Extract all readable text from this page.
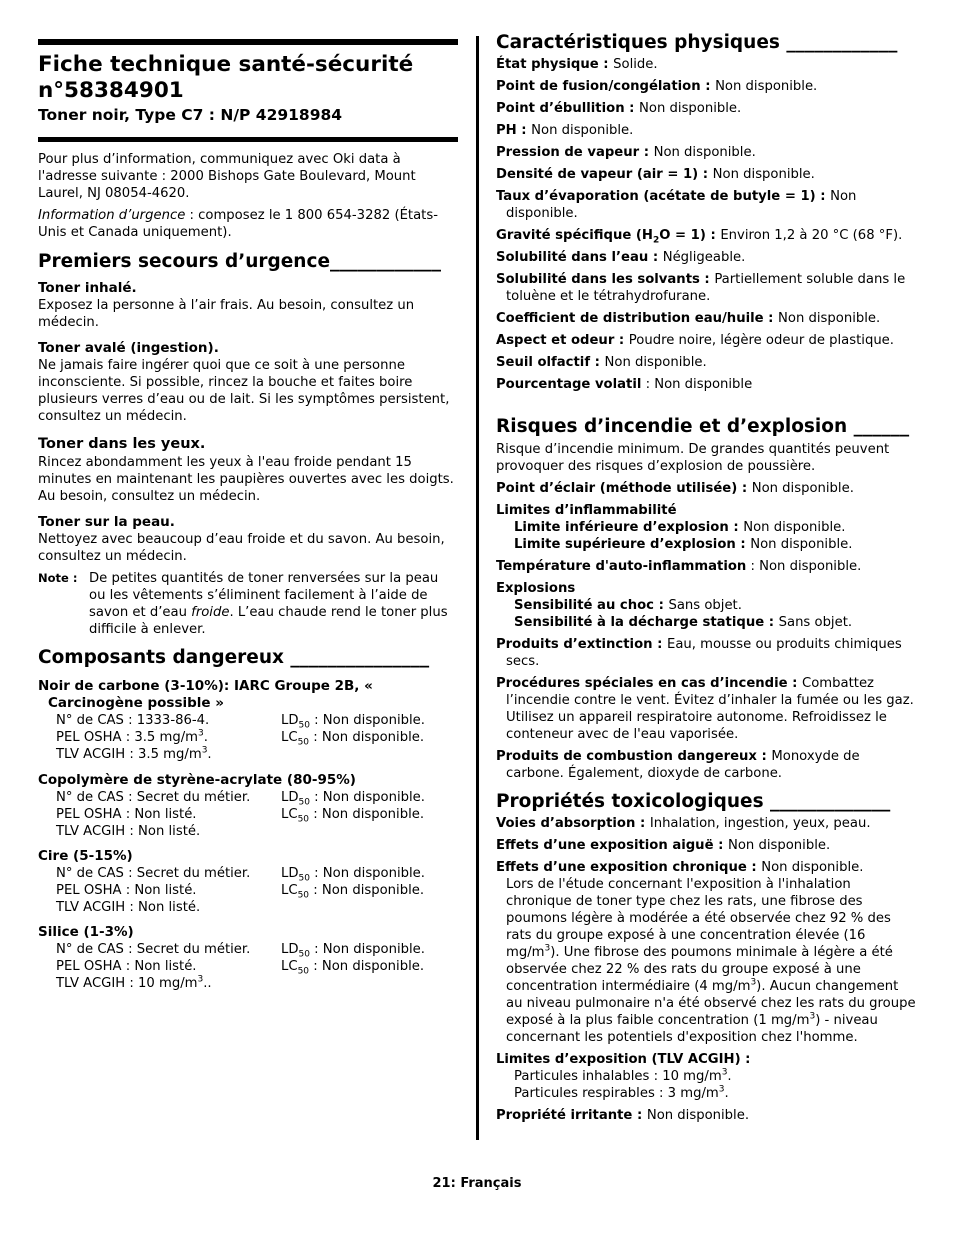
Fiche technique santé-sécurité n°58384901
Toner noir, Type C7 : N/P 42918984

Pour plus d’information, communiquez avec Oki data à l'adresse suivante : 2000 Bishops Gate Boulevard, Mount Laurel, NJ 08054-4620.

Information d’urgence : composez le 1 800 654-3282 (États-Unis et Canada uniquement).

Premiers secours d’urgence____________
Toner inhalé.

Exposez la personne à l’air frais. Au besoin, consultez un médecin.

Toner avalé (ingestion).

Ne jamais faire ingérer quoi que ce soit à une personne inconsciente. Si possible, rincez la bouche et faites boire plusieurs verres d’eau ou de lait. Si les symptômes persistent, consultez un médecin.

Toner dans les yeux.

Rincez abondamment les yeux à l'eau froide pendant 15 minutes en maintenant les paupières ouvertes avec les doigts. Au besoin, consultez un médecin.

Toner sur la peau.

Nettoyez avec beaucoup d’eau froide et du savon. Au besoin, consultez un médecin.

Note : De petites quantités de toner renversées sur la peau ou les vêtements s’éliminent facilement à l’aide de savon et d’eau froide. L’eau chaude rend le toner plus difficile à enlever.

Composants dangereux _______________
Noir de carbone (3-10%): IARC Groupe 2B, « Carcinogène possible »
N° de CAS : 1333-86-4.	$LD_{50}$ : Non disponible.
PEL OSHA : 3.5 $mg/m^3$.	$LC_{50}$ : Non disponible.
TLV ACGIH : 3.5 $mg/m^3$.
Copolymère de styrène-acrylate (80-95%)
N° de CAS : Secret du métier.	$LD_{50}$ : Non disponible.
PEL OSHA : Non listé.	$LC_{50}$ : Non disponible.
TLV ACGIH : Non listé.
Cire (5-15%)
N° de CAS : Secret du métier.	$LD_{50}$ : Non disponible.
PEL OSHA : Non listé.	$LC_{50}$ : Non disponible.
TLV ACGIH : Non listé.
Silice (1-3%)
N° de CAS : Secret du métier.	$LD_{50}$ : Non disponible.
PEL OSHA : Non listé.	$LC_{50}$ : Non disponible.
TLV ACGIH : 10 $mg/m^3$..
Caractéristiques physiques ____________

État physique : Solide.

Point de fusion/congélation : Non disponible.

Point d’ébullition : Non disponible.

PH : Non disponible.

Pression de vapeur : Non disponible.

Densité de vapeur (air = 1) : Non disponible.

Taux d’évaporation (acétate de butyle = 1) : Non disponible.

Gravité spécifique $(H_2O = 1)$ : Environ 1,2 à 20 °C (68 °F).

Solubilité dans l’eau : Négligeable.

Solubilité dans les solvants : Partiellement soluble dans le toluène et le tétrahydrofurane.

Coefficient de distribution eau/huile : Non disponible.

Aspect et odeur : Poudre noire, légère odeur de plastique.

Seuil olfactif : Non disponible.

Pourcentage volatil : Non disponible

Risques d’incendie et d’explosion ______

Risque d’incendie minimum. De grandes quantités peuvent provoquer des risques d’explosion de poussière.

Point d’éclair (méthode utilisée) : Non disponible.

Limites d’inflammabilité

Limite inférieure d’explosion : Non disponible.

Limite supérieure d’explosion : Non disponible.

Température d'auto-inflammation : Non disponible.

Explosions

Sensibilité au choc : Sans objet.

Sensibilité à la décharge statique : Sans objet.

Produits d’extinction : Eau, mousse ou produits chimiques secs.

Procédures spéciales en cas d’incendie : Combattez l’incendie contre le vent. Évitez d’inhaler la fumée ou les gaz. Utilisez un appareil respiratoire autonome. Refroidissez le conteneur avec de l'eau vaporisée.

Produits de combustion dangereux : Monoxyde de carbone. Également, dioxyde de carbone.

Propriétés toxicologiques _____________

Voies d’absorption : Inhalation, ingestion, yeux, peau.

Effets d’une exposition aiguë : Non disponible.

Effets d’une exposition chronique : Non disponible.

Lors de l'étude concernant l'exposition à l'inhalation chronique de toner type chez les rats, une fibrose des poumons légère à modérée a été observée chez 92 % des rats du groupe exposé à une concentration élevée (16 $mg/m^3$). Une fibrose des poumons minimale à légère a été observée chez 22 % des rats du groupe exposé à une concentration intermédiaire (4 $mg/m^3$). Aucun changement au niveau pulmonaire n'a été observé chez les rats du groupe exposé à la plus faible concentration (1 $mg/m^3$) - niveau concernant les potentiels d'exposition chez l'homme.

Limites d’exposition (TLV ACGIH) :

Particules inhalables : 10 $mg/m^3$.

Particules respirables : 3 $mg/m^3$.

Propriété irritante : Non disponible.

21: Français
